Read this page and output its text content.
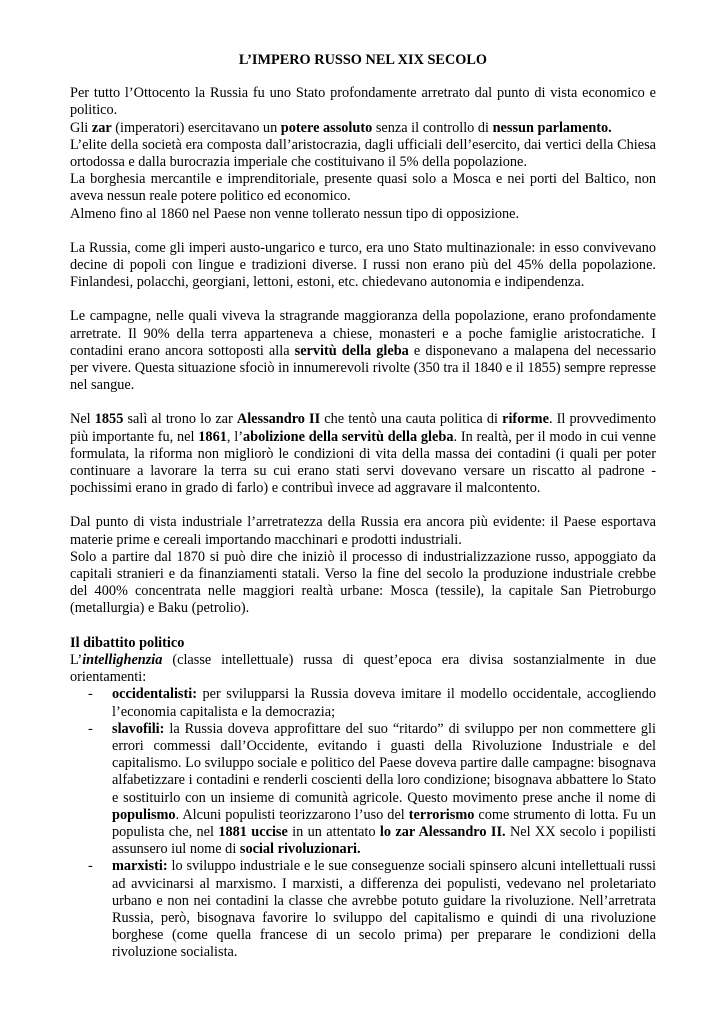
L’IMPERO RUSSO NEL XIX SECOLO

Per tutto l’Ottocento la Russia fu uno Stato profondamente arretrato dal punto di vista economico e politico.

Gli zar (imperatori) esercitavano un potere assoluto senza il controllo di nessun parlamento.

L’elite della società era composta dall’aristocrazia, dagli ufficiali dell’esercito, dai vertici della Chiesa ortodossa e dalla burocrazia imperiale che costituivano il 5% della popolazione.

La borghesia mercantile e imprenditoriale, presente quasi solo a Mosca e nei porti del Baltico, non aveva nessun reale potere politico ed economico.

Almeno fino al 1860 nel Paese non venne tollerato nessun tipo di opposizione.

La Russia, come gli imperi austo-ungarico e turco, era uno Stato multinazionale: in esso convivevano decine di popoli con lingue e tradizioni diverse. I russi non erano più del 45% della popolazione. Finlandesi, polacchi, georgiani, lettoni, estoni, etc. chiedevano autonomia e indipendenza.

Le campagne, nelle quali viveva la stragrande maggioranza della popolazione, erano profondamente arretrate. Il 90% della terra apparteneva a chiese, monasteri e a poche famiglie aristocratiche. I contadini erano ancora sottoposti alla servitù della gleba e disponevano a malapena del necessario per vivere. Questa situazione sfociò in innumerevoli rivolte (350 tra il 1840 e il 1855) sempre represse nel sangue.

Nel 1855 salì al trono lo zar Alessandro II che tentò una cauta politica di riforme. Il provvedimento più importante fu, nel 1861, l’abolizione della servitù della gleba. In realtà, per il modo in cui venne formulata, la riforma non migliorò le condizioni di vita della massa dei contadini (i quali per poter continuare a lavorare la terra su cui erano stati servi dovevano versare un riscatto al padrone - pochissimi erano in grado di farlo) e contribuì invece ad aggravare il malcontento.

Dal punto di vista industriale l’arretratezza della Russia era ancora più evidente: il Paese esportava materie prime e cereali importando macchinari e prodotti industriali.

Solo a partire dal 1870 si può dire che iniziò il processo di industrializzazione russo, appoggiato da capitali stranieri e da finanziamenti statali. Verso la fine del secolo la produzione industriale crebbe del 400% concentrata nelle maggiori realtà urbane: Mosca (tessile), la capitale San Pietroburgo (metallurgia) e Baku (petrolio).

Il dibattito politico

L’intellighenzia (classe intellettuale) russa di quest’epoca era divisa sostanzialmente in due orientamenti:

- occidentalisti: per svilupparsi la Russia doveva imitare il modello occidentale, accogliendo l’economia capitalista e la democrazia;
- slavofili: la Russia doveva approfittare del suo “ritardo” di sviluppo per non commettere gli errori commessi dall’Occidente, evitando i guasti della Rivoluzione Industriale e del capitalismo. Lo sviluppo sociale e politico del Paese doveva partire dalle campagne: bisognava alfabetizzare i contadini e renderli coscienti della loro condizione; bisognava abbattere lo Stato e sostituirlo con un insieme di comunità agricole. Questo movimento prese anche il nome di populismo. Alcuni populisti teorizzarono l’uso del terrorismo come strumento di lotta. Fu un populista che, nel 1881 uccise in un attentato lo zar Alessandro II. Nel XX secolo i popilisti assunsero iul nome di social rivoluzionari.
- marxisti: lo sviluppo industriale e le sue conseguenze sociali spinsero alcuni intellettuali russi ad avvicinarsi al marxismo. I marxisti, a differenza dei populisti, vedevano nel proletariato urbano e non nei contadini la classe che avrebbe potuto guidare la rivoluzione. Nell’arretrata Russia, però, bisognava favorire lo sviluppo del capitalismo e quindi di una rivoluzione borghese (come quella francese di un secolo prima) per preparare le condizioni della rivoluzione socialista.
